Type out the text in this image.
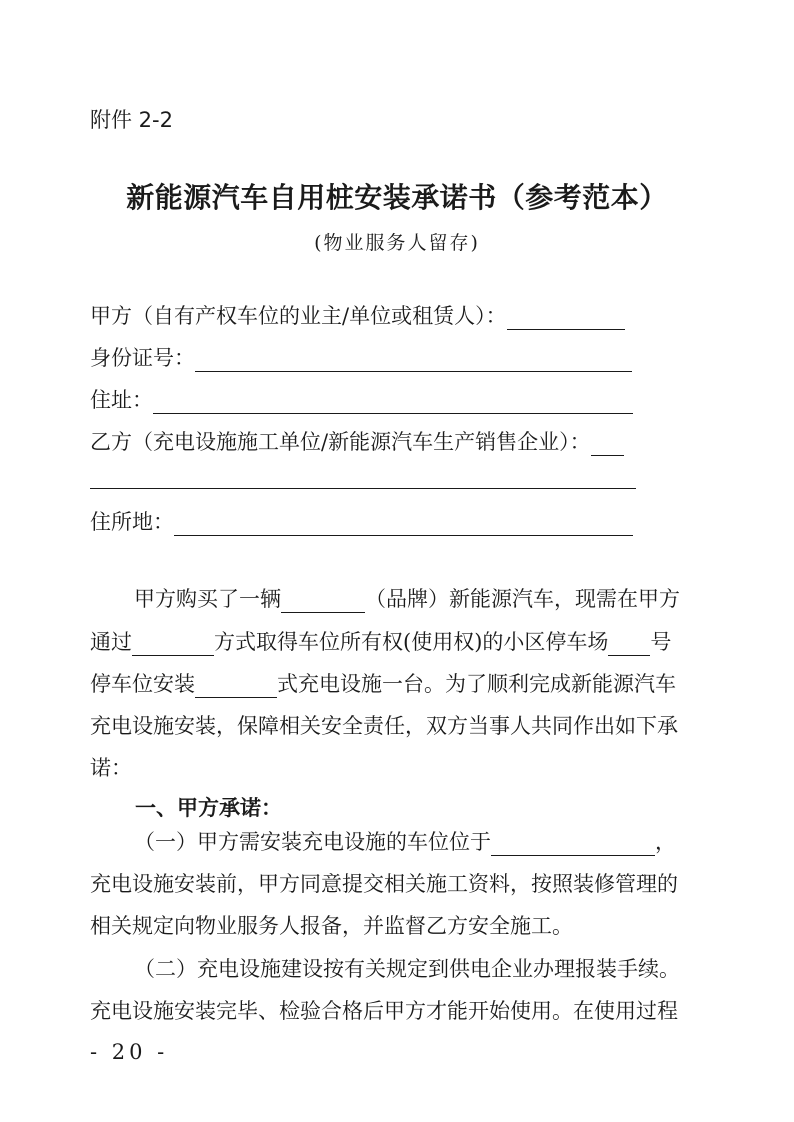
附件 2-2
新能源汽车自用桩安装承诺书（参考范本）
(物业服务人留存)
甲方（自有产权车位的业主/单位或租赁人）：
身份证号：
住址：
乙方（充电设施施工单位/新能源汽车生产销售企业）：
住所地：
甲方购买了一辆	（品牌）新能源汽车，现需在甲方
通过	方式取得车位所有权(使用权)的小区停车场 号
停车位安装	式充电设施一台。为了顺利完成新能源汽车
充电设施安装，保障相关安全责任，双方当事人共同作出如下承
诺：
一、甲方承诺：
（一）甲方需安装充电设施的车位位于	，
充电设施安装前，甲方同意提交相关施工资料，按照装修管理的
相关规定向物业服务人报备，并监督乙方安全施工。
（二）充电设施建设按有关规定到供电企业办理报装手续。
充电设施安装完毕、检验合格后甲方才能开始使用。在使用过程
- 20 -
